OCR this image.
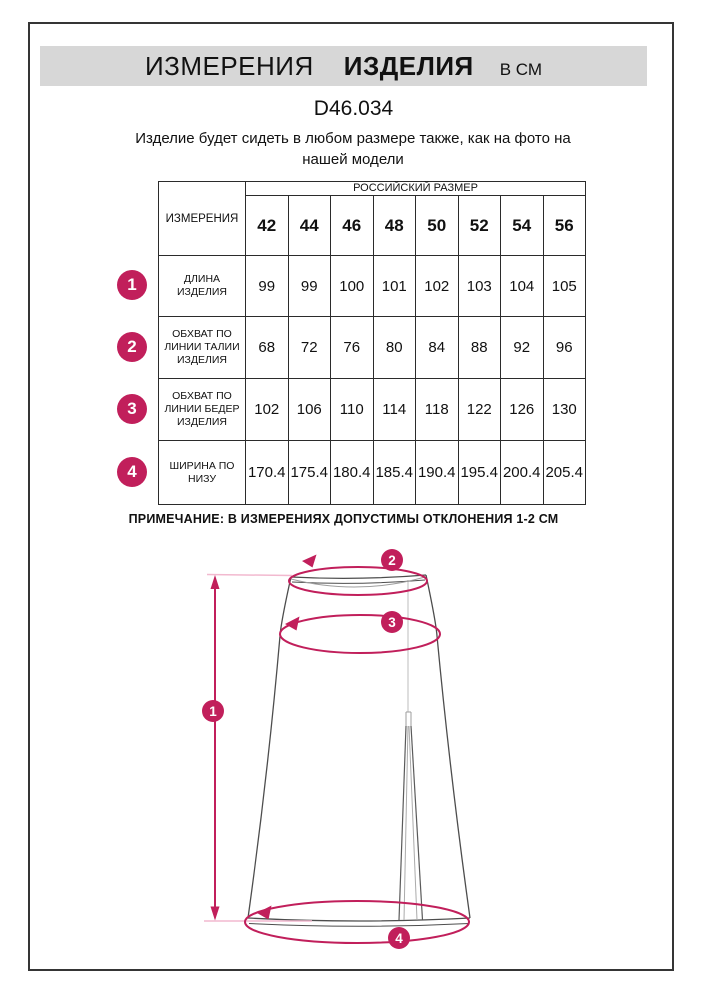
ИЗМЕРЕНИЯ ИЗДЕЛИЯ В СМ
D46.034
Изделие будет сидеть в любом размере также, как на фото на нашей модели
ИЗМЕРЕНИЯ	РОССИЙСКИЙ РАЗМЕР							
	42	44	46	48	50	52	54	56
ДЛИНА ИЗДЕЛИЯ	99	99	100	101	102	103	104	105
ОБХВАТ ПО ЛИНИИ ТАЛИИ ИЗДЕЛИЯ	68	72	76	80	84	88	92	96
ОБХВАТ ПО ЛИНИИ БЕДЕР ИЗДЕЛИЯ	102	106	110	114	118	122	126	130
ШИРИНА ПО НИЗУ	170.4	175.4	180.4	185.4	190.4	195.4	200.4	205.4
1
2
3
4
ПРИМЕЧАНИЕ: В ИЗМЕРЕНИЯХ ДОПУСТИМЫ ОТКЛОНЕНИЯ 1-2 СМ
1
2
3
4
